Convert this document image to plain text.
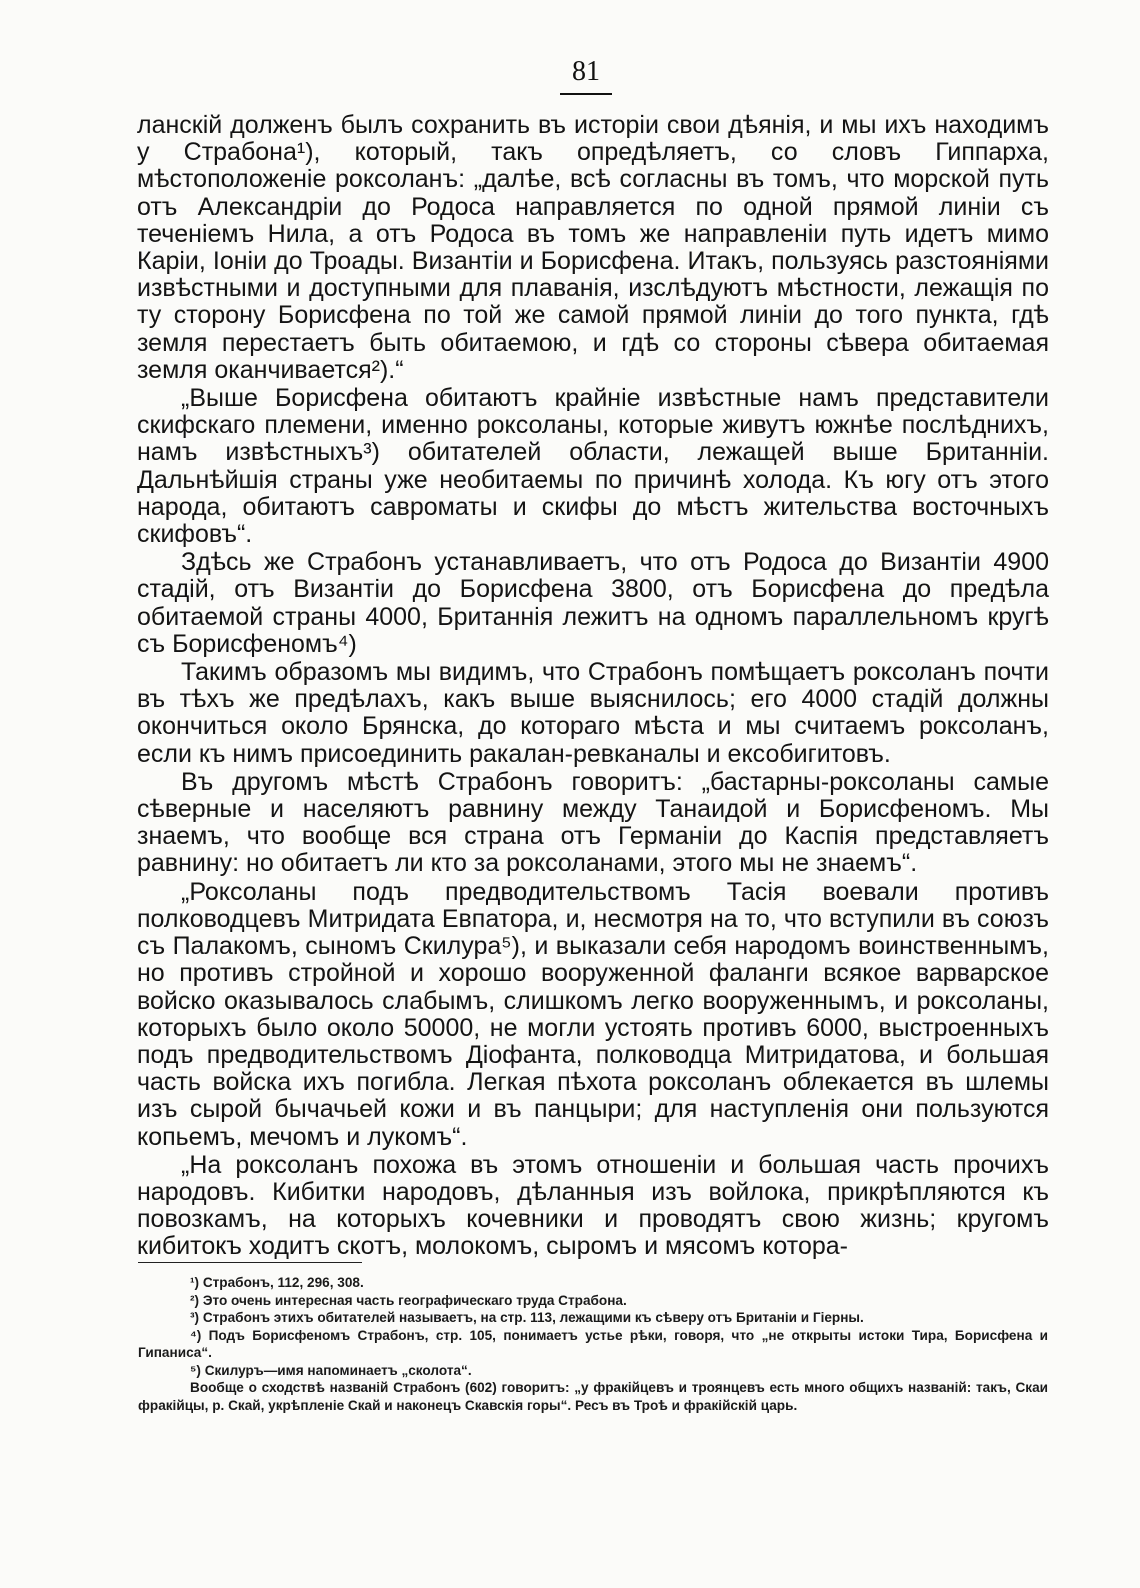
81

ланскій долженъ былъ сохранить въ исторіи свои дѣянія, и мы ихъ находимъ у Страбона¹), который, такъ опредѣляетъ, со словъ Гиппарха, мѣстоположеніе роксоланъ: „далѣе, всѣ согласны въ томъ, что морской путь отъ Александріи до Родоса направляется по одной прямой линіи съ теченіемъ Нила, а отъ Родоса въ томъ же направленіи путь идетъ мимо Каріи, Іоніи до Троады. Византіи и Борисфена. Итакъ, пользуясь разстояніями извѣстными и доступными для плаванія, изслѣдуютъ мѣстности, лежащія по ту сторону Борисфена по той же самой прямой линіи до того пункта, гдѣ земля перестаетъ быть обитаемою, и гдѣ со стороны сѣвера обитаемая земля оканчивается²).“

„Выше Борисфена обитаютъ крайніе извѣстные намъ представители скифскаго племени, именно роксоланы, которые живутъ южнѣе послѣднихъ, намъ извѣстныхъ³) обитателей области, лежащей выше Британніи. Дальнѣйшія страны уже необитаемы по причинѣ холода. Къ югу отъ этого народа, обитаютъ савроматы и скифы до мѣстъ жительства восточныхъ скифовъ“.

Здѣсь же Страбонъ устанавливаетъ, что отъ Родоса до Византіи 4900 стадій, отъ Византіи до Борисфена 3800, отъ Борисфена до предѣла обитаемой страны 4000, Британнія лежитъ на одномъ параллельномъ кругѣ съ Борисфеномъ⁴)

Такимъ образомъ мы видимъ, что Страбонъ помѣщаетъ роксоланъ почти въ тѣхъ же предѣлахъ, какъ выше выяснилось; его 4000 стадій должны окончиться около Брянска, до котораго мѣста и мы считаемъ роксоланъ, если къ нимъ присоединить ракалан-ревканалы и ексобигитовъ.

Въ другомъ мѣстѣ Страбонъ говоритъ: „бастарны-роксоланы самые сѣверные и населяютъ равнину между Танаидой и Борисфеномъ. Мы знаемъ, что вообще вся страна отъ Германіи до Каспія представляетъ равнину: но обитаетъ ли кто за роксоланами, этого мы не знаемъ“.

„Роксоланы подъ предводительствомъ Тасія воевали противъ полководцевъ Митридата Евпатора, и, несмотря на то, что вступили въ союзъ съ Палакомъ, сыномъ Скилура⁵), и выказали себя народомъ воинственнымъ, но противъ стройной и хорошо вооруженной фаланги всякое варварское войско оказывалось слабымъ, слишкомъ легко вооруженнымъ, и роксоланы, которыхъ было около 50000, не могли устоять противъ 6000, выстроенныхъ подъ предводительствомъ Діофанта, полководца Митридатова, и большая часть войска ихъ погибла. Легкая пѣхота роксоланъ облекается въ шлемы изъ сырой бычачьей кожи и въ панцыри; для наступленія они пользуются копьемъ, мечомъ и лукомъ“.

„На роксоланъ похожа въ этомъ отношеніи и большая часть прочихъ народовъ. Кибитки народовъ, дѣланныя изъ войлока, прикрѣпляются къ повозкамъ, на которыхъ кочевники и проводятъ свою жизнь; кругомъ кибитокъ ходитъ скотъ, молокомъ, сыромъ и мясомъ котора-

¹) Страбонъ, 112, 296, 308.

²) Это очень интересная часть географическаго труда Страбона.

³) Страбонъ этихъ обитателей называетъ, на стр. 113, лежащими къ сѣверу отъ Британіи и Гіерны.

⁴) Подъ Борисфеномъ Страбонъ, стр. 105, понимаетъ устье рѣки, говоря, что „не открыты истоки Тира, Борисфена и Гипаниса“.

⁵) Скилуръ—имя напоминаетъ „сколота“.

Вообще о сходствѣ названій Страбонъ (602) говоритъ: „у фракійцевъ и троянцевъ есть много общихъ названій: такъ, Скаи фракійцы, р. Скай, укрѣпленіе Скай и наконецъ Скавскія горы“. Ресъ въ Троѣ и фракійскій царь.
